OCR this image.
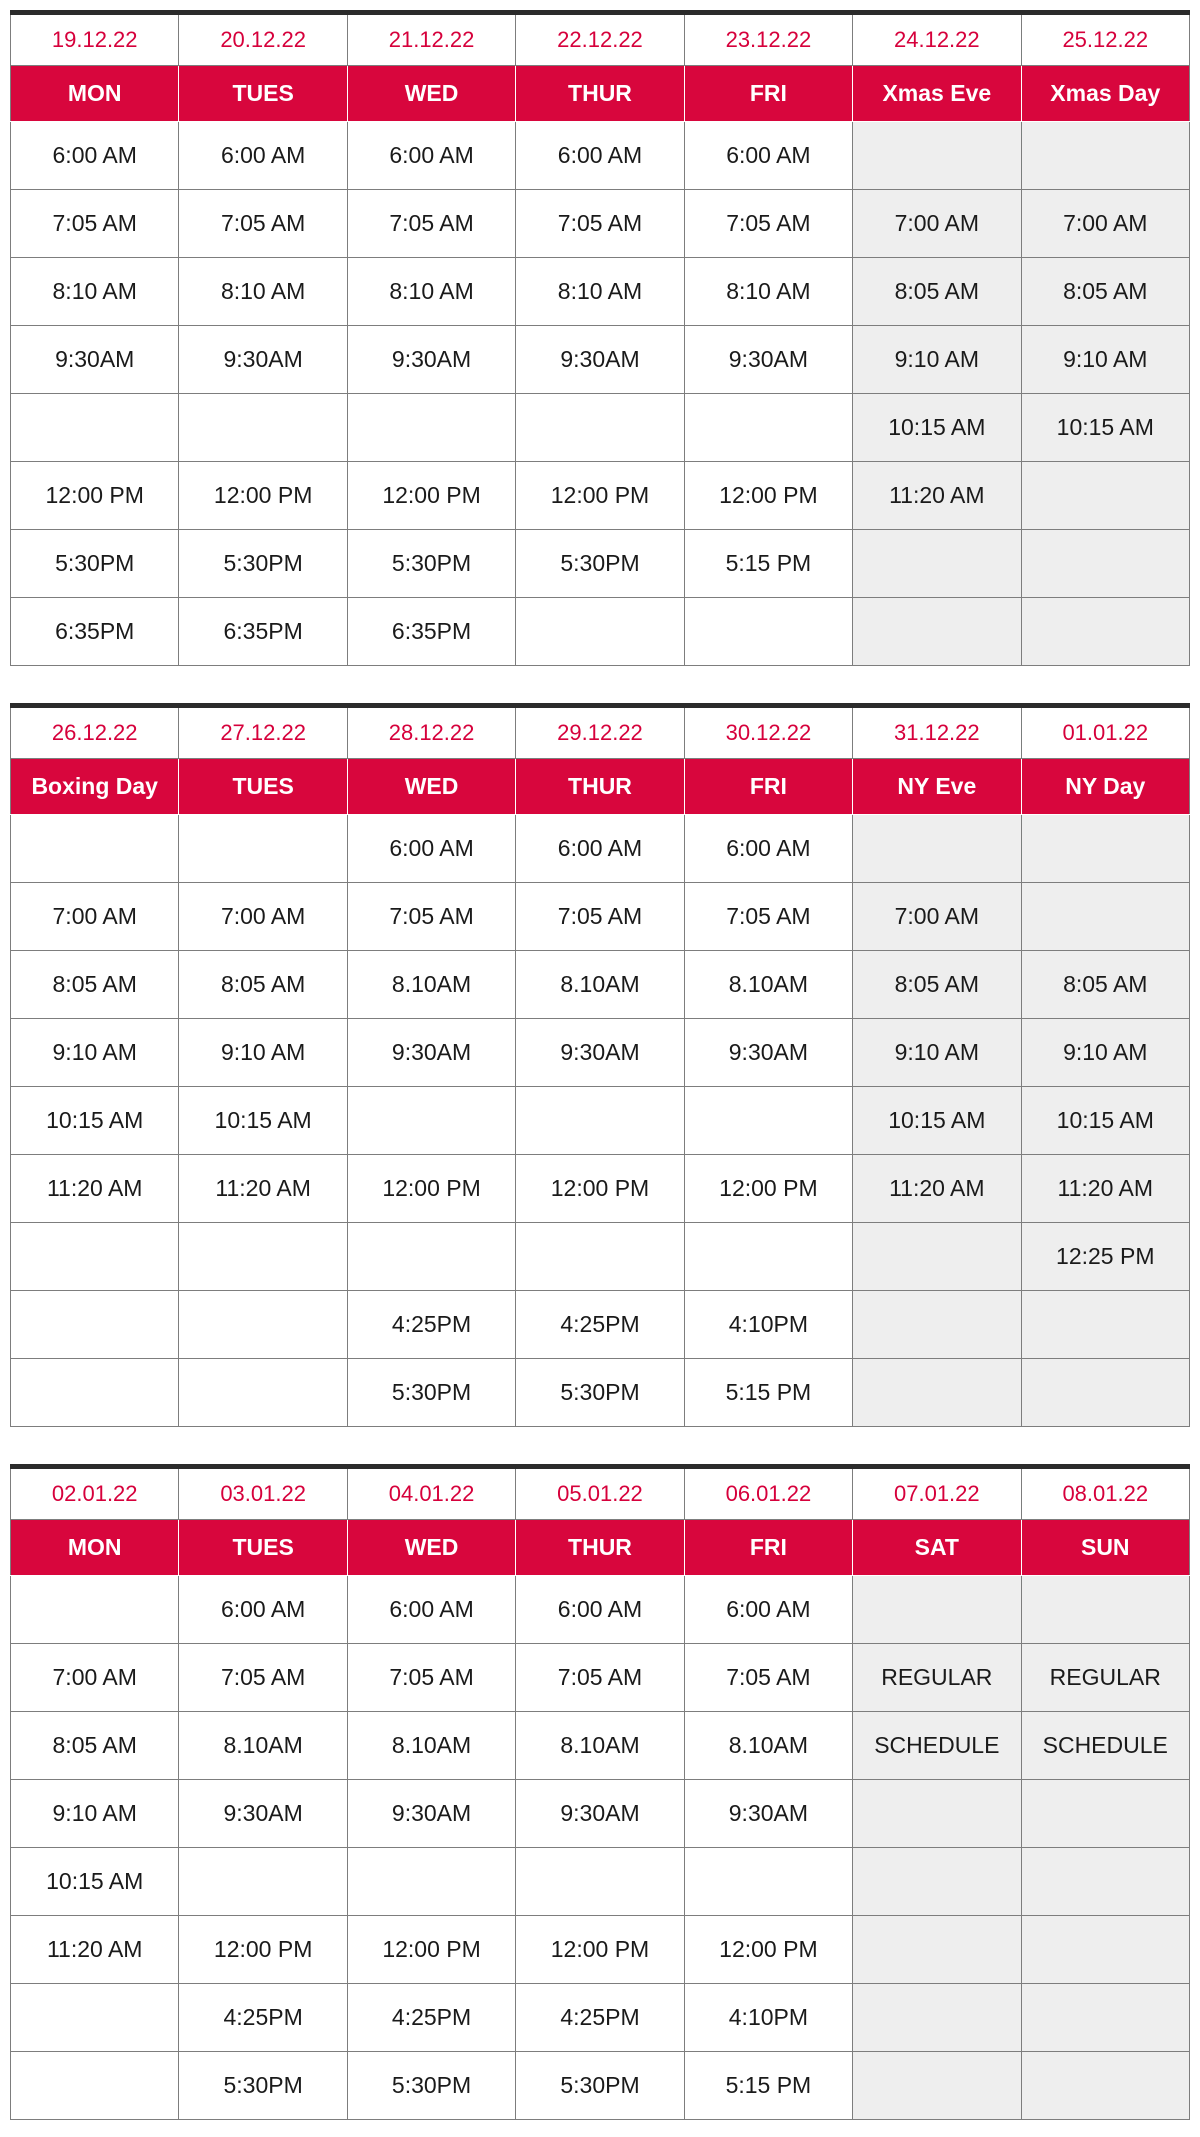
19.12.22	20.12.22	21.12.22	22.12.22	23.12.22	24.12.22	25.12.22
MON	TUES	WED	THUR	FRI	Xmas Eve	Xmas Day
6:00 AM	6:00 AM	6:00 AM	6:00 AM	6:00 AM		
7:05 AM	7:05 AM	7:05 AM	7:05 AM	7:05 AM	7:00 AM	7:00 AM
8:10 AM	8:10 AM	8:10 AM	8:10 AM	8:10 AM	8:05 AM	8:05 AM
9:30AM	9:30AM	9:30AM	9:30AM	9:30AM	9:10 AM	9:10 AM
					10:15 AM	10:15 AM
12:00 PM	12:00 PM	12:00 PM	12:00 PM	12:00 PM	11:20 AM	
5:30PM	5:30PM	5:30PM	5:30PM	5:15 PM		
6:35PM	6:35PM	6:35PM				
26.12.22	27.12.22	28.12.22	29.12.22	30.12.22	31.12.22	01.01.22
Boxing Day	TUES	WED	THUR	FRI	NY Eve	NY Day
		6:00 AM	6:00 AM	6:00 AM		
7:00 AM	7:00 AM	7:05 AM	7:05 AM	7:05 AM	7:00 AM	
8:05 AM	8:05 AM	8.10AM	8.10AM	8.10AM	8:05 AM	8:05 AM
9:10 AM	9:10 AM	9:30AM	9:30AM	9:30AM	9:10 AM	9:10 AM
10:15 AM	10:15 AM				10:15 AM	10:15 AM
11:20 AM	11:20 AM	12:00 PM	12:00 PM	12:00 PM	11:20 AM	11:20 AM
						12:25 PM
		4:25PM	4:25PM	4:10PM		
		5:30PM	5:30PM	5:15 PM		
02.01.22	03.01.22	04.01.22	05.01.22	06.01.22	07.01.22	08.01.22
MON	TUES	WED	THUR	FRI	SAT	SUN
	6:00 AM	6:00 AM	6:00 AM	6:00 AM		
7:00 AM	7:05 AM	7:05 AM	7:05 AM	7:05 AM	REGULAR	REGULAR
8:05 AM	8.10AM	8.10AM	8.10AM	8.10AM	SCHEDULE	SCHEDULE
9:10 AM	9:30AM	9:30AM	9:30AM	9:30AM		
10:15 AM						
11:20 AM	12:00 PM	12:00 PM	12:00 PM	12:00 PM		
	4:25PM	4:25PM	4:25PM	4:10PM		
	5:30PM	5:30PM	5:30PM	5:15 PM		
